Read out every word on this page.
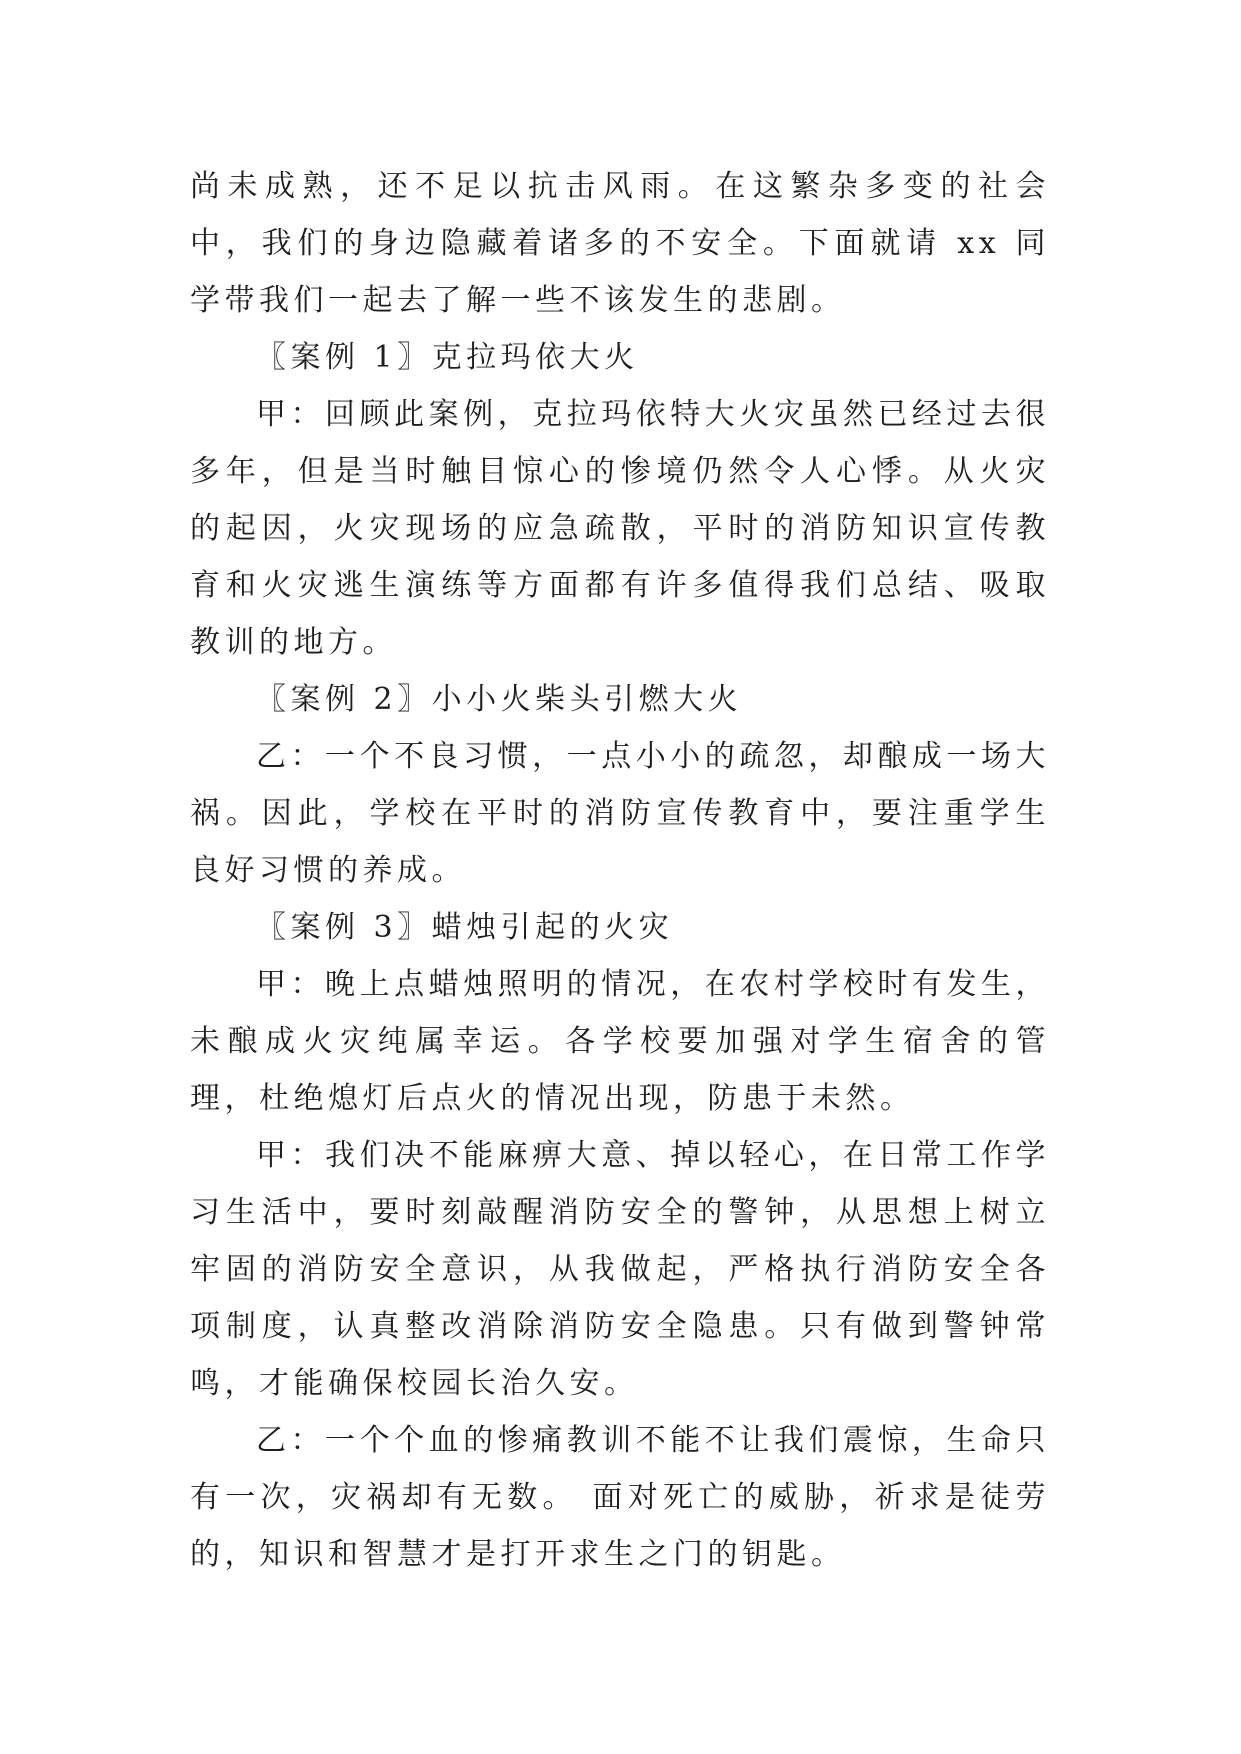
尚未成熟，还不足以抗击风雨。在这繁杂多变的社会中，我们的身边隐藏着诸多的不安全。下面就请 xx 同学带我们一起去了解一些不该发生的悲剧。

〖案例 1〗克拉玛依大火

甲：回顾此案例，克拉玛依特大火灾虽然已经过去很多年，但是当时触目惊心的惨境仍然令人心悸。从火灾的起因，火灾现场的应急疏散，平时的消防知识宣传教育和火灾逃生演练等方面都有许多值得我们总结、吸取教训的地方。

〖案例 2〗小小火柴头引燃大火

乙：一个不良习惯，一点小小的疏忽，却酿成一场大祸。因此，学校在平时的消防宣传教育中，要注重学生良好习惯的养成。

〖案例 3〗蜡烛引起的火灾

甲：晚上点蜡烛照明的情况，在农村学校时有发生，未酿成火灾纯属幸运。各学校要加强对学生宿舍的管理，杜绝熄灯后点火的情况出现，防患于未然。

甲：我们决不能麻痹大意、掉以轻心，在日常工作学习生活中，要时刻敲醒消防安全的警钟，从思想上树立牢固的消防安全意识，从我做起，严格执行消防安全各项制度，认真整改消除消防安全隐患。只有做到警钟常鸣，才能确保校园长治久安。

乙：一个个血的惨痛教训不能不让我们震惊，生命只有一次，灾祸却有无数。 面对死亡的威胁，祈求是徒劳的，知识和智慧才是打开求生之门的钥匙。
